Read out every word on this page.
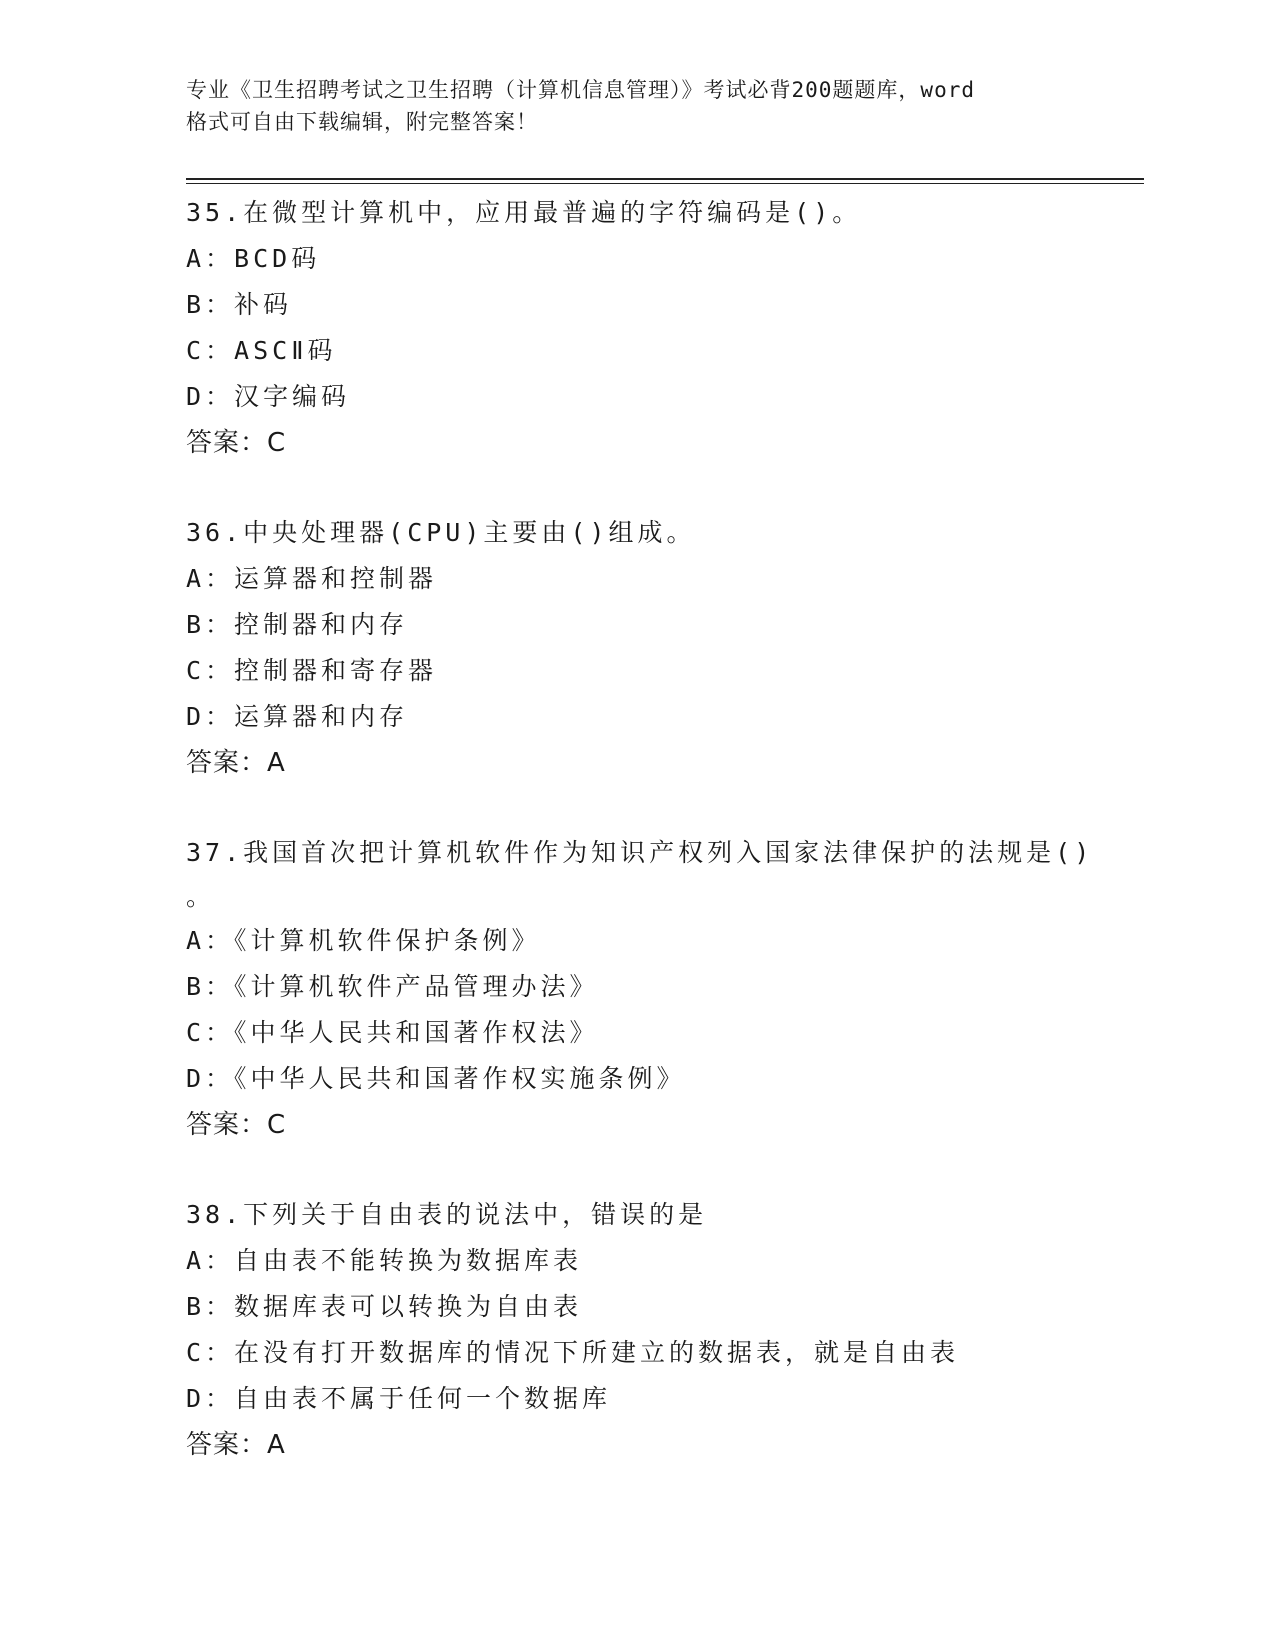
专业《卫生招聘考试之卫生招聘（计算机信息管理）》考试必背200题题库，word
格式可自由下载编辑，附完整答案！
35.在微型计算机中，应用最普遍的字符编码是()。
A：BCD码
B：补码
C：ASCⅡ码
D：汉字编码
答案：C
36.中央处理器(CPU)主要由()组成。
A：运算器和控制器
B：控制器和内存
C：控制器和寄存器
D：运算器和内存
答案：A
37.我国首次把计算机软件作为知识产权列入国家法律保护的法规是()
。
A：《计算机软件保护条例》
B：《计算机软件产品管理办法》
C：《中华人民共和国著作权法》
D：《中华人民共和国著作权实施条例》
答案：C
38.下列关于自由表的说法中，错误的是
A：自由表不能转换为数据库表
B：数据库表可以转换为自由表
C：在没有打开数据库的情况下所建立的数据表，就是自由表
D：自由表不属于任何一个数据库
答案：A
